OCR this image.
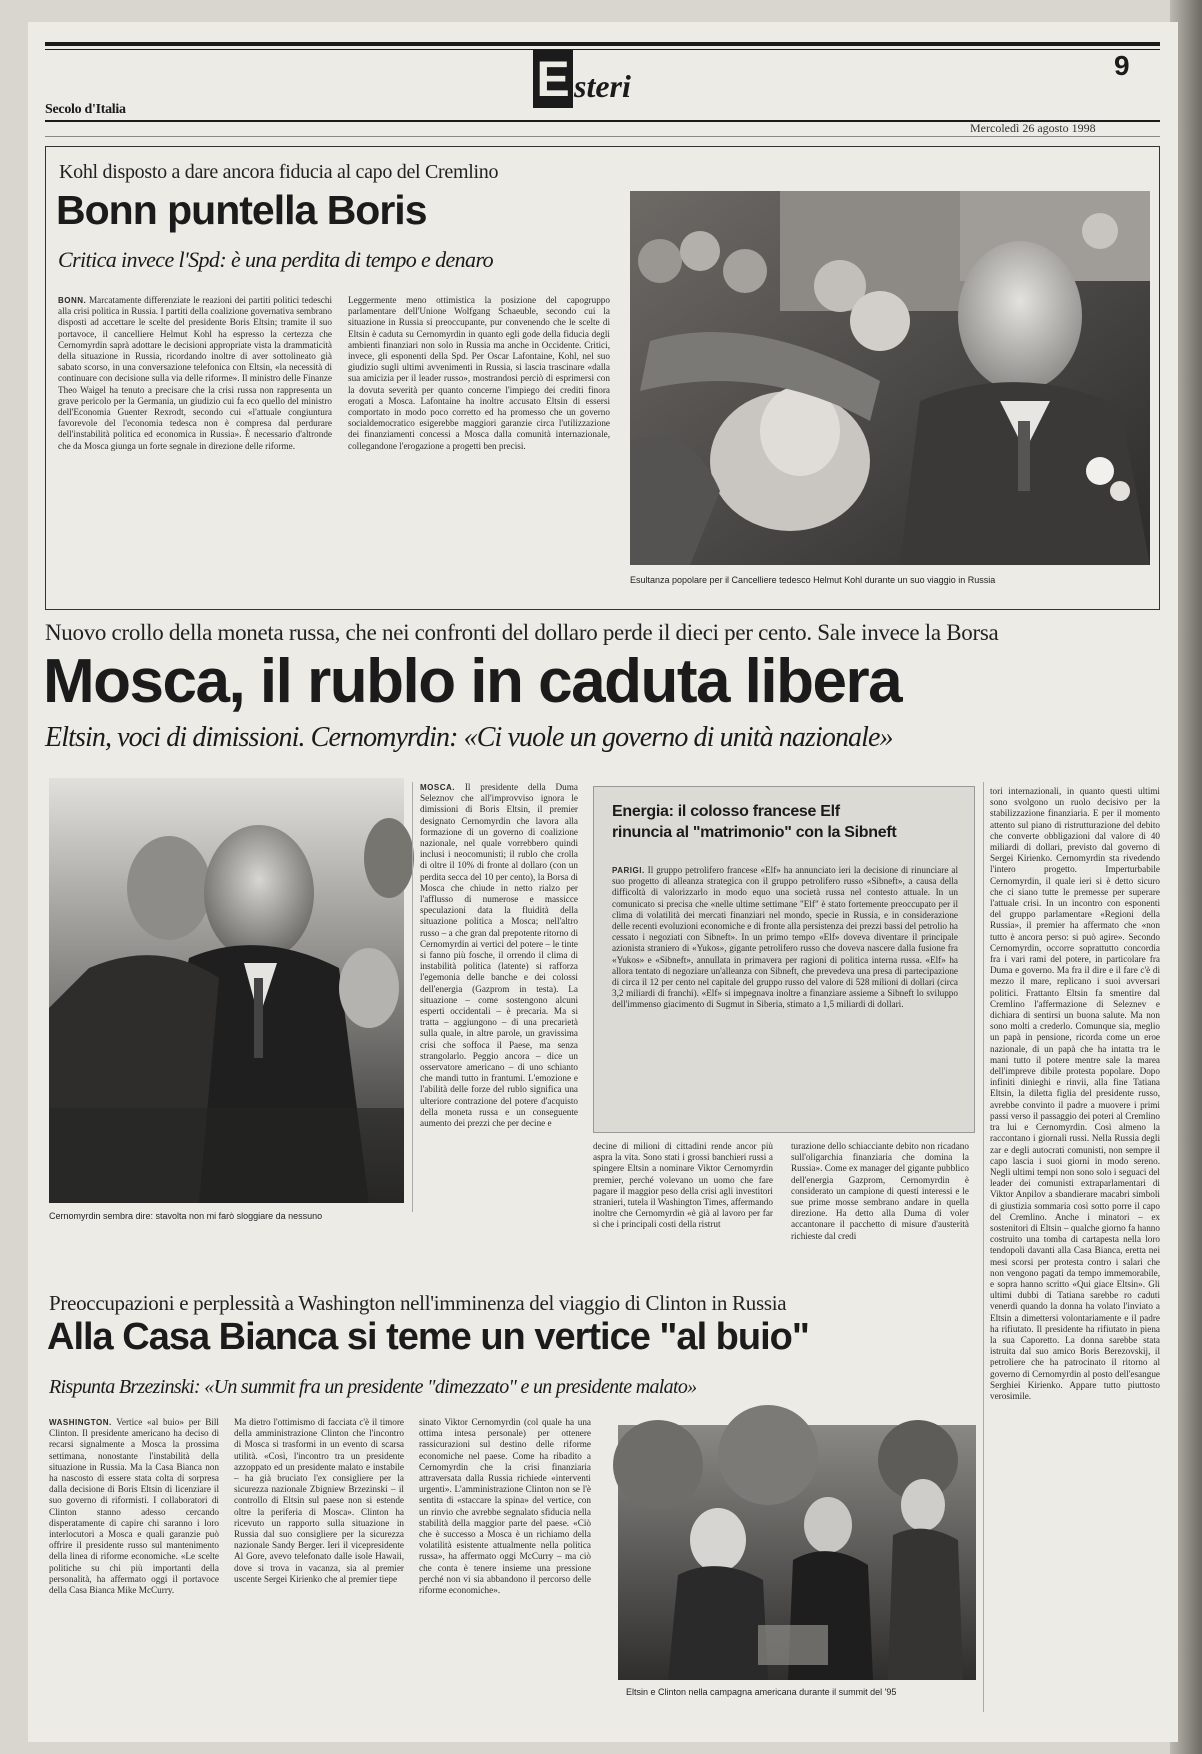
E steri
9
Secolo d'Italia
Mercoledì 26 agosto 1998
Kohl disposto a dare ancora fiducia al capo del Cremlino
Bonn puntella Boris
Critica invece l'Spd: è una perdita di tempo e denaro
BONN. Marcatamente differenziate le reazioni dei partiti politici tedeschi alla crisi politica in Russia. I partiti della coalizione governativa sembrano disposti ad accettare le scelte del presidente Boris Eltsin; tramite il suo portavoce, il cancelliere Helmut Kohl ha espresso la certezza che Cernomyrdin saprà adottare le decisioni appropriate vista la drammaticità della situazione in Russia, ricordando inoltre di aver sottolineato già sabato scorso, in una conversazione telefonica con Eltsin, «la necessità di continuare con decisione sulla via delle riforme». Il ministro delle Finanze Theo Waigel ha tenuto a precisare che la crisi russa non rappresenta un grave pericolo per la Germania, un giudizio cui fa eco quello del ministro dell'Economia Guenter Rexrodt, secondo cui «l'attuale congiuntura favorevole del l'economia tedesca non è compresa dal perdurare dell'instabilità politica ed economica in Russia». È necessario d'altronde che da Mosca giunga un forte segnale in direzione delle riforme.
Leggermente meno ottimistica la posizione del capogruppo parlamentare dell'Unione Wolfgang Schaeuble, secondo cui la situazione in Russia si preoccupante, pur convenendo che le scelte di Eltsin è caduta su Cernomyrdin in quanto egli gode della fiducia degli ambienti finanziari non solo in Russia ma anche in Occidente. Critici, invece, gli esponenti della Spd. Per Oscar Lafontaine, Kohl, nel suo giudizio sugli ultimi avvenimenti in Russia, si lascia trascinare «dalla sua amicizia per il leader russo», mostrandosi perciò di esprimersi con la dovuta severità per quanto concerne l'impiego dei crediti finora erogati a Mosca. Lafontaine ha inoltre accusato Eltsin di essersi comportato in modo poco corretto ed ha promesso che un governo socialdemocratico esigerebbe maggiori garanzie circa l'utilizzazione dei finanziamenti concessi a Mosca dalla comunità internazionale, collegandone l'erogazione a progetti ben precisi.
Esultanza popolare per il Cancelliere tedesco Helmut Kohl durante un suo viaggio in Russia
Nuovo crollo della moneta russa, che nei confronti del dollaro perde il dieci per cento. Sale invece la Borsa
Mosca, il rublo in caduta libera
Eltsin, voci di dimissioni. Cernomyrdin: «Ci vuole un governo di unità nazionale»
Cernomyrdin sembra dire: stavolta non mi farò sloggiare da nessuno
MOSCA. Il presidente della Duma Seleznov che all'improvviso ignora le dimissioni di Boris Eltsin, il premier designato Cernomyrdin che lavora alla formazione di un governo di coalizione nazionale, nel quale vorrebbero quindi inclusi i neocomunisti; il rublo che crolla di oltre il 10% di fronte al dollaro (con un perdita secca del 10 per cento), la Borsa di Mosca che chiude in netto rialzo per l'afflusso di numerose e massicce speculazioni data la fluidità della situazione politica a Mosca; nell'altro russo – a che gran dal prepotente ritorno di Cernomyrdin ai vertici del potere – le tinte si fanno più fosche, il orrendo il clima di instabilità politica (latente) si rafforza l'egemonia delle banche e dei colossi dell'energia (Gazprom in testa). La situazione – come sostengono alcuni esperti occidentali – è precaria. Ma si tratta – aggiungono – di una precarietà sulla quale, in altre parole, un gravissima crisi che soffoca il Paese, ma senza strangolarlo. Peggio ancora – dice un osservatore americano – di uno schianto che mandi tutto in frantumi. L'emozione e l'abilità delle forze del rublo significa una ulteriore contrazione del potere d'acquisto della moneta russa e un conseguente aumento dei prezzi che per decine e
Energia: il colosso francese Elf
rinuncia al "matrimonio" con la Sibneft
PARIGI. Il gruppo petrolifero francese «Elf» ha annunciato ieri la decisione di rinunciare al suo progetto di alleanza strategica con il gruppo petrolifero russo «Sibneft», a causa della difficoltà di valorizzarlo in modo equo una società russa nel contesto attuale. In un comunicato si precisa che «nelle ultime settimane "Elf" è stato fortemente preoccupato per il clima di volatilità dei mercati finanziari nel mondo, specie in Russia, e in considerazione delle recenti evoluzioni economiche e di fronte alla persistenza dei prezzi bassi del petrolio ha cessato i negoziati con Sibneft». In un primo tempo «Elf» doveva diventare il principale azionista straniero di «Yukos», gigante petrolifero russo che doveva nascere dalla fusione fra «Yukos» e «Sibneft», annullata in primavera per ragioni di politica interna russa. «Elf» ha allora tentato di negoziare un'alleanza con Sibneft, che prevedeva una presa di partecipazione di circa il 12 per cento nel capitale del gruppo russo del valore di 528 milioni di dollari (circa 3,2 miliardi di franchi). «Elf» si impegnava inoltre a finanziare assieme a Sibneft lo sviluppo dell'immenso giacimento di Sugmut in Siberia, stimato a 1,5 miliardi di dollari.
decine di milioni di cittadini rende ancor più aspra la vita. Sono stati i grossi banchieri russi a spingere Eltsin a nominare Viktor Cernomyrdin premier, perché volevano un uomo che fare pagare il maggior peso della crisi agli investitori stranieri, tutela il Washington Times, affermando inoltre che Cernomyrdin «è già al lavoro per far sì che i principali costi della ristrut
turazione dello schiacciante debito non ricadano sull'oligarchia finanziaria che domina la Russia». Come ex manager del gigante pubblico dell'energia Gazprom, Cernomyrdin è considerato un campione di questi interessi e le sue prime mosse sembrano andare in quella direzione. Ha detto alla Duma di voler accantonare il pacchetto di misure d'austerità richieste dal credi
tori internazionali, in quanto questi ultimi sono svolgono un ruolo decisivo per la stabilizzazione finanziaria. E per il momento attento sul piano di ristrutturazione del debito che converte obbligazioni dal valore di 40 miliardi di dollari, previsto dal governo di Sergei Kirienko. Cernomyrdin sta rivedendo l'intero progetto. Imperturbabile Cernomyrdin, il quale ieri si è detto sicuro che ci siano tutte le premesse per superare l'attuale crisi. In un incontro con esponenti del gruppo parlamentare «Regioni della Russia», il premier ha affermato che «non tutto è ancora perso: si può agire». Secondo Cernomyrdin, occorre soprattutto concordia fra i vari rami del potere, in particolare fra Duma e governo. Ma fra il dire e il fare c'è di mezzo il mare, replicano i suoi avversari politici. Frattanto Eltsin fa smentire dal Cremlino l'affermazione di Seleznev e dichiara di sentirsi un buona salute. Ma non sono molti a crederlo. Comunque sia, meglio un papà in pensione, ricorda come un eroe nazionale, di un papà che ha intatta tra le mani tutto il potere mentre sale la marea dell'impreve dibile protesta popolare. Dopo infiniti dinieghi e rinvii, alla fine Tatiana Eltsin, la diletta figlia del presidente russo, avrebbe convinto il padre a muovere i primi passi verso il passaggio dei poteri al Cremlino tra lui e Cernomyrdin. Così almeno la raccontano i giornali russi. Nella Russia degli zar e degli autocrati comunisti, non sempre il capo lascia i suoi giorni in modo sereno. Negli ultimi tempi non sono solo i seguaci del leader dei comunisti extraparlamentari di Viktor Anpilov a sbandierare macabri simboli di giustizia sommaria così sotto porre il capo del Cremlino. Anche i minatori – ex sostenitori di Eltsin – qualche giorno fa hanno costruito una tomba di cartapesta nella loro tendopoli davanti alla Casa Bianca, eretta nei mesi scorsi per protesta contro i salari che non vengono pagati da tempo immemorabile, e sopra hanno scritto «Qui giace Eltsin». Gli ultimi dubbi di Tatiana sarebbe ro caduti venerdì quando la donna ha volato l'inviato a Eltsin a dimettersi volontariamente e il padre ha rifiutato. Il presidente ha rifiutato in piena la sua Caporetto. La donna sarebbe stata istruita dal suo amico Boris Berezovskij, il petroliere che ha patrocinato il ritorno al governo di Cernomyrdin al posto dell'esangue Serghiei Kirienko. Appare tutto piuttosto verosimile.
Preoccupazioni e perplessità a Washington nell'imminenza del viaggio di Clinton in Russia
Alla Casa Bianca si teme un vertice "al buio"
Rispunta Brzezinski: «Un summit fra un presidente "dimezzato" e un presidente malato»
WASHINGTON. Vertice «al buio» per Bill Clinton. Il presidente americano ha deciso di recarsi signalmente a Mosca la prossima settimana, nonostante l'instabilità della situazione in Russia. Ma la Casa Bianca non ha nascosto di essere stata colta di sorpresa dalla decisione di Boris Eltsin di licenziare il suo governo di riformisti. I collaboratori di Clinton stanno adesso cercando disperatamente di capire chi saranno i loro interlocutori a Mosca e quali garanzie può offrire il presidente russo sul mantenimento della linea di riforme economiche. «Le scelte politiche su chi più importanti della personalità, ha affermato oggi il portavoce della Casa Bianca Mike McCurry.
Ma dietro l'ottimismo di facciata c'è il timore della amministrazione Clinton che l'incontro di Mosca si trasformi in un evento di scarsa utilità. «Così, l'incontro tra un presidente azzoppato ed un presidente malato e instabile – ha già bruciato l'ex consigliere per la sicurezza nazionale Zbigniew Brzezinski – il controllo di Eltsin sul paese non si estende oltre la periferia di Mosca». Clinton ha ricevuto un rapporto sulla situazione in Russia dal suo consigliere per la sicurezza nazionale Sandy Berger. Ieri il vicepresidente Al Gore, avevo telefonato dalle isole Hawaii, dove si trova in vacanza, sia al premier uscente Sergei Kirienko che al premier tiepe
sinato Viktor Cernomyrdin (col quale ha una ottima intesa personale) per ottenere rassicurazioni sul destino delle riforme economiche nel paese. Come ha ribadito a Cernomyrdin che la crisi finanziaria attraversata dalla Russia richiede «interventi urgenti». L'amministrazione Clinton non se l'è sentita di «staccare la spina» del vertice, con un rinvio che avrebbe segnalato sfiducia nella stabilità della maggior parte del paese. «Ciò che è successo a Mosca è un richiamo della volatilità esistente attualmente nella politica russa», ha affermato oggi McCurry – ma ciò che conta è tenere insieme una pressione perché non vi sia abbandono il percorso delle riforme economiche».
Eltsin e Clinton nella campagna americana durante il summit del '95
